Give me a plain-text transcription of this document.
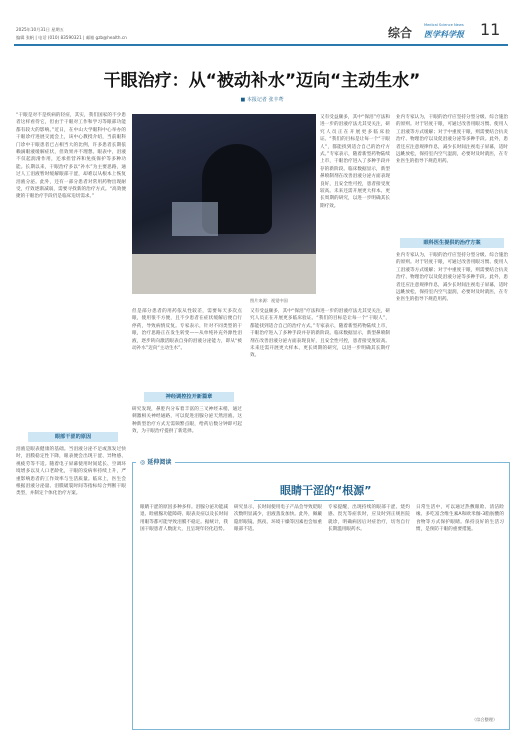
2025年10月31日 星期五
编辑 张帆 | 电话 (010) 83590321 | 邮箱 gzb@health.cn	综合
Medical Science News
医学科学报 11
干眼治疗：从“被动补水”迈向“主动生水”
■ 本报记者 张丰鸢
“干眼是对不是疾病的轻症，其实，我们国家的不少患者这样看待它，但由于干眼对工作和学习等眼部功能都有较大的影响。”近日，在中山大学眼科中心举办的干眼诊疗进展交流会上，该中心教授介绍，当前眼科门诊中干眼患者已占相当大的比例，许多患者长期依赖滴眼液缓解症状，但效果并不理想。眼表中，泪液不仅起润滑作用，还承担营养和免疫保护等多种功能。长期以来，干眼治疗多以“补水”为主要思路，通过人工泪液暂时缓解眼部干涩，却难以从根本上恢复泪液分泌。此外，还有一部分患者对常用药物出现耐受，疗效逐渐减弱，需要寻找新的治疗方式。“高效便捷的干眼治疗手段仍是临床迫切需求。”
眼部干涩的原因
泪液是眼表健康的基础。当泪液分泌不足或蒸发过快时，泪膜稳定性下降，眼表便会出现干涩、异物感、视疲劳等不适。随着电子屏幕使用时间延长、空调环境增多以及人口老龄化，干眼的发病率持续上升，严重影响患者的工作效率与生活质量。临床上，医生会根据泪液分泌量、泪膜破裂时间等指标综合判断干眼类型，并制定个体化治疗方案。
图片来源：视觉中国
但是部分患者的用药依从性较差，需要每天多次点眼，使用很不方便，且不少患者在症状缓解后便自行停药，导致病情反复。专家表示，针对不同类型的干眼，治疗思路正在发生转变——从单纯补充外源性泪液，逐步转向激活眼表自身的泪液分泌能力，即从“被动补水”迈向“主动生水”。
神经调控拉开新篇章
研究发现，鼻腔内分布着丰富的三叉神经末梢，通过刺激相关神经通路，可以促进泪腺分泌天然泪液。这种新型治疗方式无需频繁点眼，给药后数分钟即可起效，为干眼治疗提供了新选择。
又有受益颇多，其中“保泪”疗法和进一步的泪液疗法尤其受关注，研究人员正在开展更多临床验证。“我们的目标是让每一个“干眼人”，都能找到适合自己的治疗方式。”专家表示，随着新型药物陆续上市，干眼治疗进入了多种手段并存的新阶段。临床数据显示，新型鼻喷制剂在改善泪液分泌方面表现良好，且安全性可控，患者接受度较高。未来还需开展更大样本、更长周期的研究，以进一步明确其长期疗效。
又有受益颇多，其中“保泪”疗法和进一步的泪液疗法尤其受关注，研究人员正在开展更多临床验证。“我们的目标是让每一个“干眼人”，都能找到适合自己的治疗方式。”专家表示，随着新型药物陆续上市，干眼治疗进入了多种手段并存的新阶段。临床数据显示，新型鼻喷制剂在改善泪液分泌方面表现良好，且安全性可控，患者接受度较高。未来还需开展更大样本、更长周期的研究，以进一步明确其长期疗效。
业内专家认为，干眼的治疗应坚持分型分级、综合施治的原则。对于轻度干眼，可通过改善用眼习惯、使用人工泪液等方式缓解；对于中重度干眼，则需要结合抗炎治疗、物理治疗以及促泪液分泌等多种手段。此外，患者还应注意规律作息，减少长时间注视电子屏幕，适时远眺放松，保持室内空气湿润，必要时及时就医，在专业医生的指导下规范用药。
眼科医生提供的治疗方案
业内专家认为，干眼的治疗应坚持分型分级、综合施治的原则。对于轻度干眼，可通过改善用眼习惯、使用人工泪液等方式缓解；对于中重度干眼，则需要结合抗炎治疗、物理治疗以及促泪液分泌等多种手段。此外，患者还应注意规律作息，减少长时间注视电子屏幕，适时远眺放松，保持室内空气湿润，必要时及时就医，在专业医生的指导下规范用药。
◎ 延伸阅读
眼睛干涩的“根源”
眼睛干涩的原因多种多样。泪腺分泌功能减退、睑板腺功能障碍、眼表炎症以及长时间用眼等都可能导致泪膜不稳定。据统计，我国干眼患者人数庞大，且呈现年轻化趋势。
研究显示，长时间使用电子产品会导致眨眼次数明显减少，泪液蒸发加快。此外，佩戴隐形眼镜、熬夜、环境干燥等因素也会加重眼部不适。
专家提醒，出现持续的眼部干涩、烧灼感、畏光等症状时，应及时到正规医院就诊，明确病因后对症治疗，切勿自行长期滥用眼药水。
日常生活中，可以通过热敷眼睑、清洁睑缘、多吃富含维生素A和欧米伽-3脂肪酸的食物等方式保护眼睛。保持良好的生活习惯，是预防干眼的重要措施。
（综合整理）
